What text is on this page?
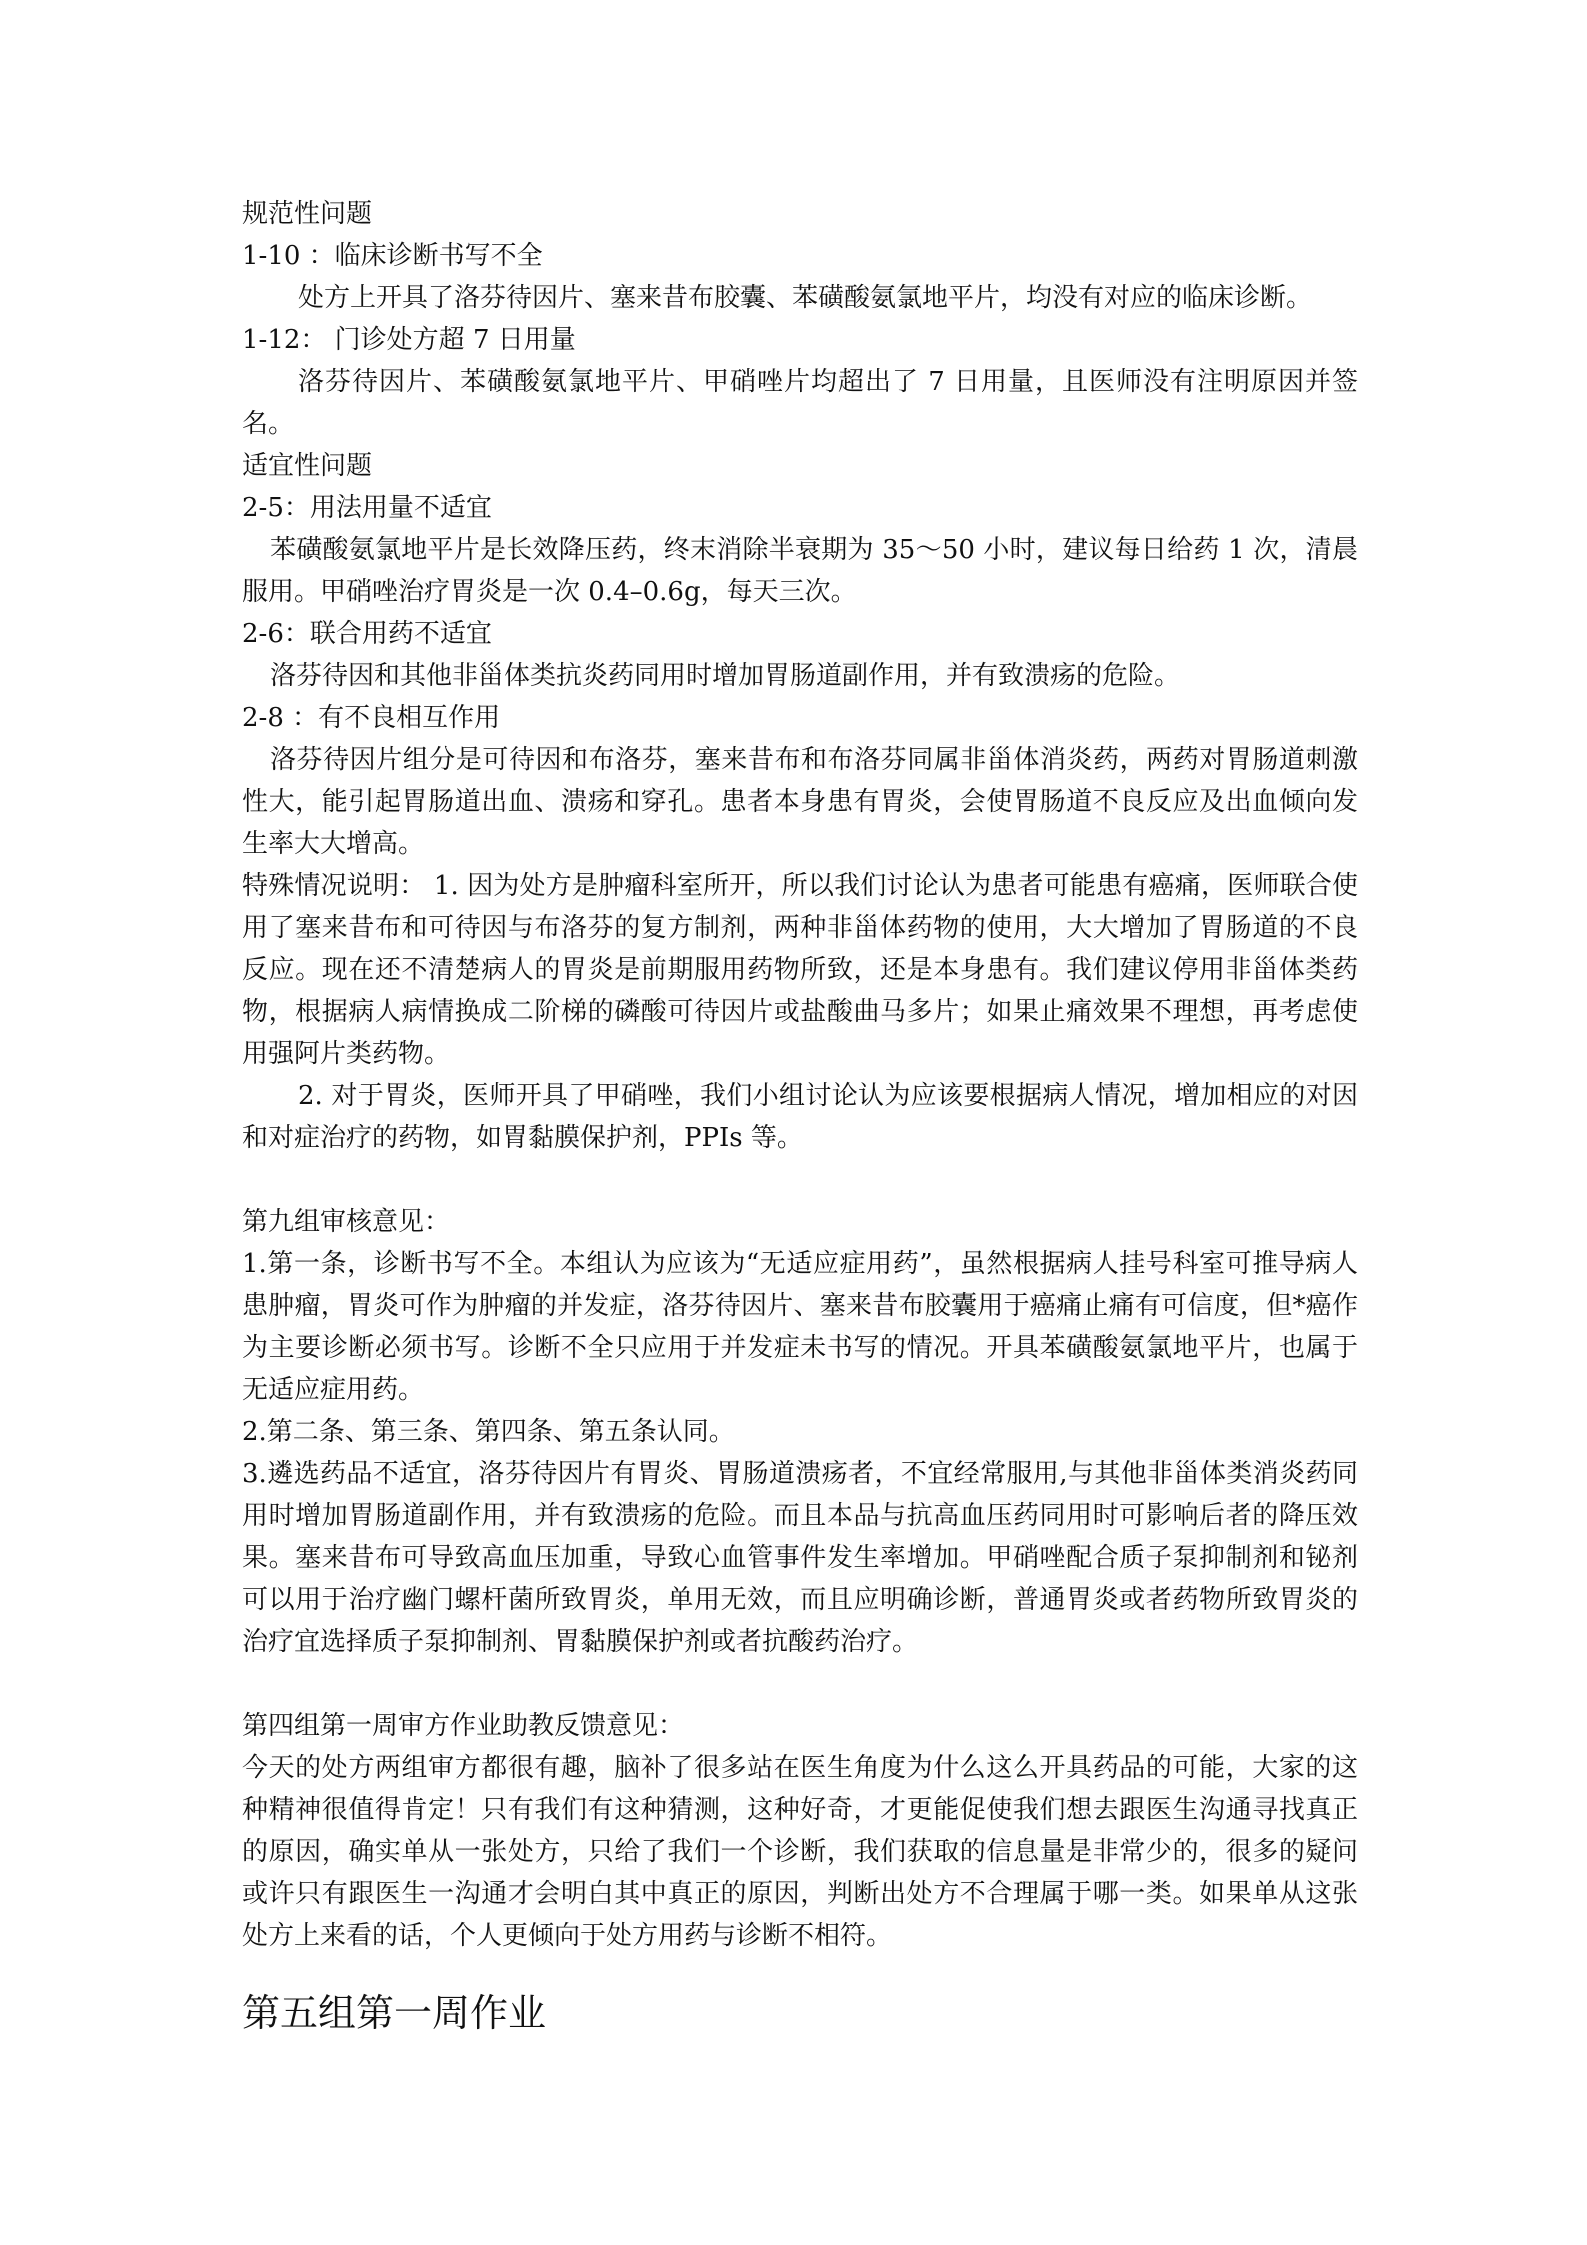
规范性问题

1-10 ：临床诊断书写不全

处方上开具了洛芬待因片、塞来昔布胶囊、苯磺酸氨氯地平片，均没有对应的临床诊断。

1-12： 门诊处方超 7 日用量

洛芬待因片、苯磺酸氨氯地平片、甲硝唑片均超出了 7 日用量，且医师没有注明原因并签名。

适宜性问题

2-5：用法用量不适宜

苯磺酸氨氯地平片是长效降压药，终末消除半衰期为 35～50 小时，建议每日给药 1 次，清晨服用。甲硝唑治疗胃炎是一次 0.4–0.6g，每天三次。

2-6：联合用药不适宜

洛芬待因和其他非甾体类抗炎药同用时增加胃肠道副作用，并有致溃疡的危险。

2-8 ：有不良相互作用

洛芬待因片组分是可待因和布洛芬，塞来昔布和布洛芬同属非甾体消炎药，两药对胃肠道刺激性大，能引起胃肠道出血、溃疡和穿孔。患者本身患有胃炎，会使胃肠道不良反应及出血倾向发生率大大增高。

特殊情况说明： 1. 因为处方是肿瘤科室所开，所以我们讨论认为患者可能患有癌痛，医师联合使用了塞来昔布和可待因与布洛芬的复方制剂，两种非甾体药物的使用，大大增加了胃肠道的不良反应。现在还不清楚病人的胃炎是前期服用药物所致，还是本身患有。我们建议停用非甾体类药物，根据病人病情换成二阶梯的磷酸可待因片或盐酸曲马多片；如果止痛效果不理想，再考虑使用强阿片类药物。

2. 对于胃炎，医师开具了甲硝唑，我们小组讨论认为应该要根据病人情况，增加相应的对因和对症治疗的药物，如胃黏膜保护剂，PPIs 等。

第九组审核意见：

1.第一条，诊断书写不全。本组认为应该为“无适应症用药”，虽然根据病人挂号科室可推导病人患肿瘤，胃炎可作为肿瘤的并发症，洛芬待因片、塞来昔布胶囊用于癌痛止痛有可信度，但*癌作为主要诊断必须书写。诊断不全只应用于并发症未书写的情况。开具苯磺酸氨氯地平片，也属于无适应症用药。

2.第二条、第三条、第四条、第五条认同。

3.遴选药品不适宜，洛芬待因片有胃炎、胃肠道溃疡者，不宜经常服用,与其他非甾体类消炎药同用时增加胃肠道副作用，并有致溃疡的危险。而且本品与抗高血压药同用时可影响后者的降压效果。塞来昔布可导致高血压加重，导致心血管事件发生率增加。甲硝唑配合质子泵抑制剂和铋剂可以用于治疗幽门螺杆菌所致胃炎，单用无效，而且应明确诊断，普通胃炎或者药物所致胃炎的治疗宜选择质子泵抑制剂、胃黏膜保护剂或者抗酸药治疗。

第四组第一周审方作业助教反馈意见：

今天的处方两组审方都很有趣，脑补了很多站在医生角度为什么这么开具药品的可能，大家的这种精神很值得肯定！只有我们有这种猜测，这种好奇，才更能促使我们想去跟医生沟通寻找真正的原因，确实单从一张处方，只给了我们一个诊断，我们获取的信息量是非常少的，很多的疑问或许只有跟医生一沟通才会明白其中真正的原因，判断出处方不合理属于哪一类。如果单从这张处方上来看的话，个人更倾向于处方用药与诊断不相符。

第五组第一周作业
